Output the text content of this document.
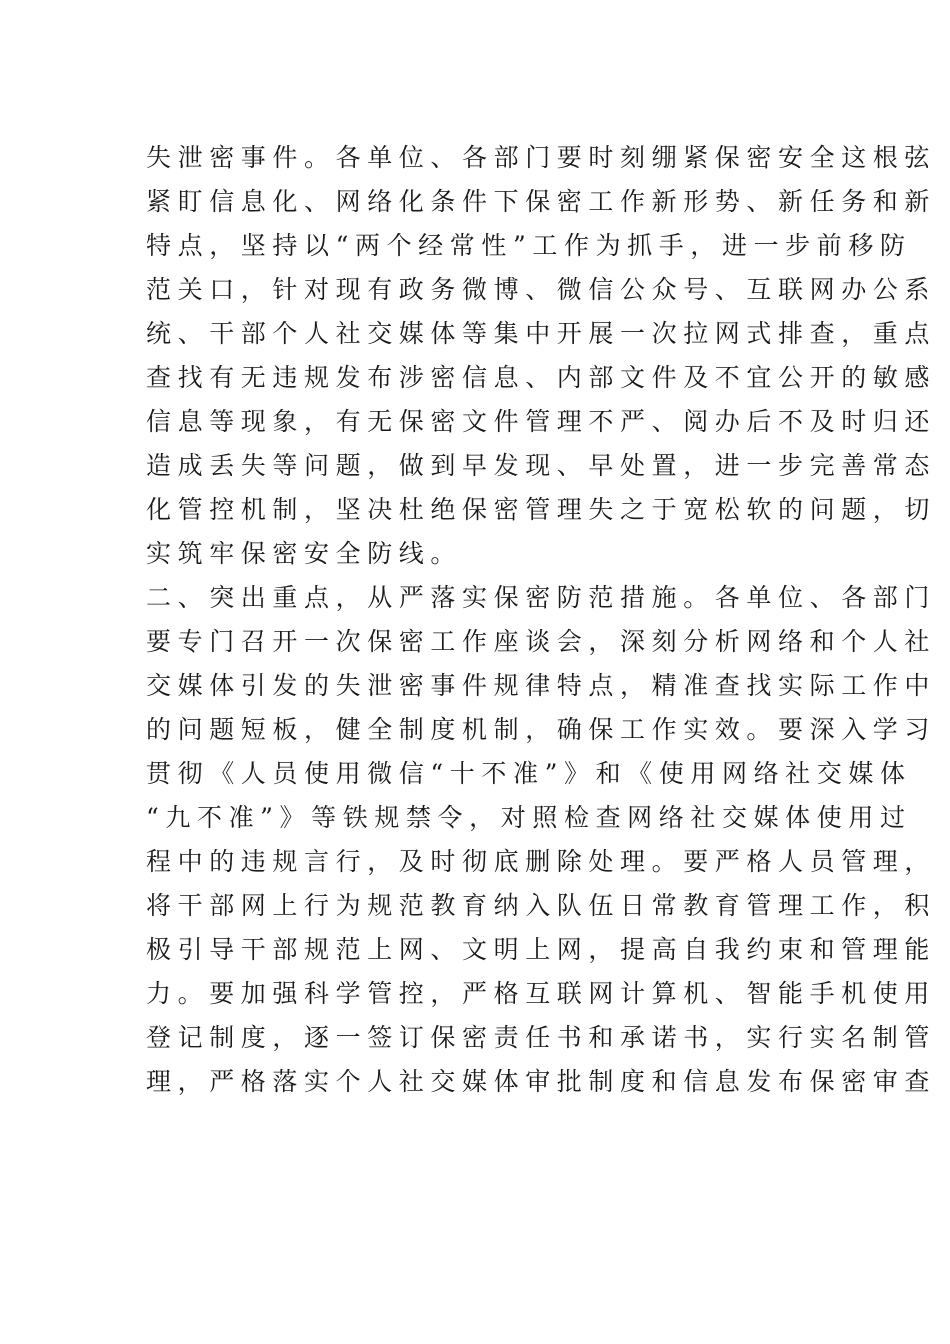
失泄密事件。各单位、各部门要时刻绷紧保密安全这根弦
紧盯信息化、网络化条件下保密工作新形势、新任务和新
特点，坚持以“两个经常性”工作为抓手，进一步前移防
范关口，针对现有政务微博、微信公众号、互联网办公系
统、干部个人社交媒体等集中开展一次拉网式排查，重点
查找有无违规发布涉密信息、内部文件及不宜公开的敏感
信息等现象，有无保密文件管理不严、阅办后不及时归还
造成丢失等问题，做到早发现、早处置，进一步完善常态
化管控机制，坚决杜绝保密管理失之于宽松软的问题，切
实筑牢保密安全防线。
二、突出重点，从严落实保密防范措施。各单位、各部门
要专门召开一次保密工作座谈会，深刻分析网络和个人社
交媒体引发的失泄密事件规律特点，精准查找实际工作中
的问题短板，健全制度机制，确保工作实效。要深入学习
贯彻《人员使用微信“十不准”》和《使用网络社交媒体
“九不准”》等铁规禁令，对照检查网络社交媒体使用过
程中的违规言行，及时彻底删除处理。要严格人员管理，
将干部网上行为规范教育纳入队伍日常教育管理工作，积
极引导干部规范上网、文明上网，提高自我约束和管理能
力。要加强科学管控，严格互联网计算机、智能手机使用
登记制度，逐一签订保密责任书和承诺书，实行实名制管
理，严格落实个人社交媒体审批制度和信息发布保密审查
